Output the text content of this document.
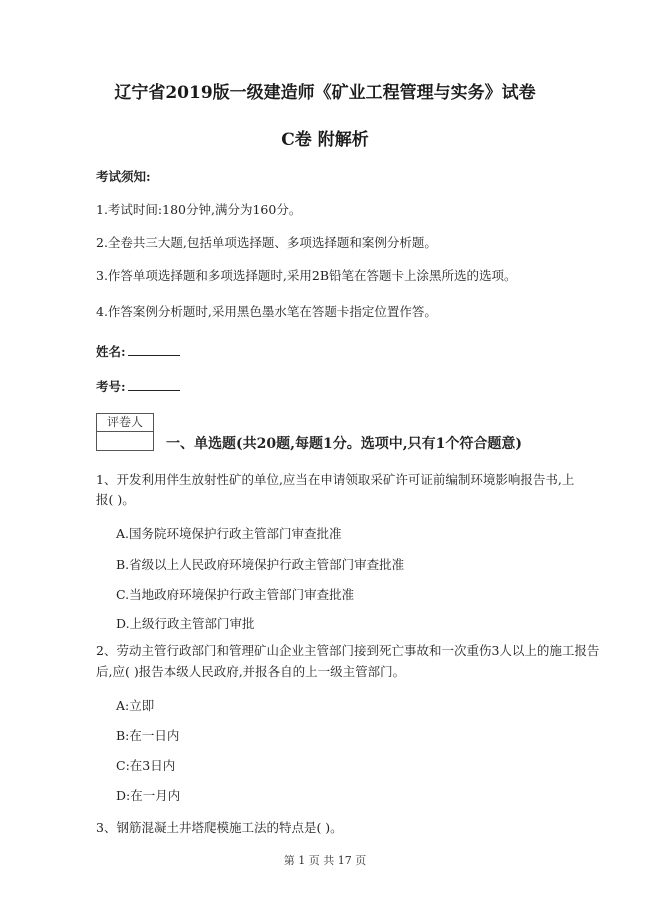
辽宁省2019版一级建造师《矿业工程管理与实务》试卷
C卷 附解析

考试须知:

1.考试时间:180分钟,满分为160分。

2.全卷共三大题,包括单项选择题、多项选择题和案例分析题。

3.作答单项选择题和多项选择题时,采用2B铅笔在答题卡上涂黑所选的选项。

4.作答案例分析题时,采用黑色墨水笔在答题卡指定位置作答。

姓名:
考号:
评卷人

一、单选题(共20题,每题1分。选项中,只有1个符合题意)

1、开发利用伴生放射性矿的单位,应当在申请领取采矿许可证前编制环境影响报告书,上

报( )。

A.国务院环境保护行政主管部门审查批准

B.省级以上人民政府环境保护行政主管部门审查批准

C.当地政府环境保护行政主管部门审查批准

D.上级行政主管部门审批

2、劳动主管行政部门和管理矿山企业主管部门接到死亡事故和一次重伤3人以上的施工报告

后,应( )报告本级人民政府,并报各自的上一级主管部门。

A:立即

B:在一日内

C:在3日内

D:在一月内

3、钢筋混凝土井塔爬模施工法的特点是( )。

第 1 页 共 17 页
